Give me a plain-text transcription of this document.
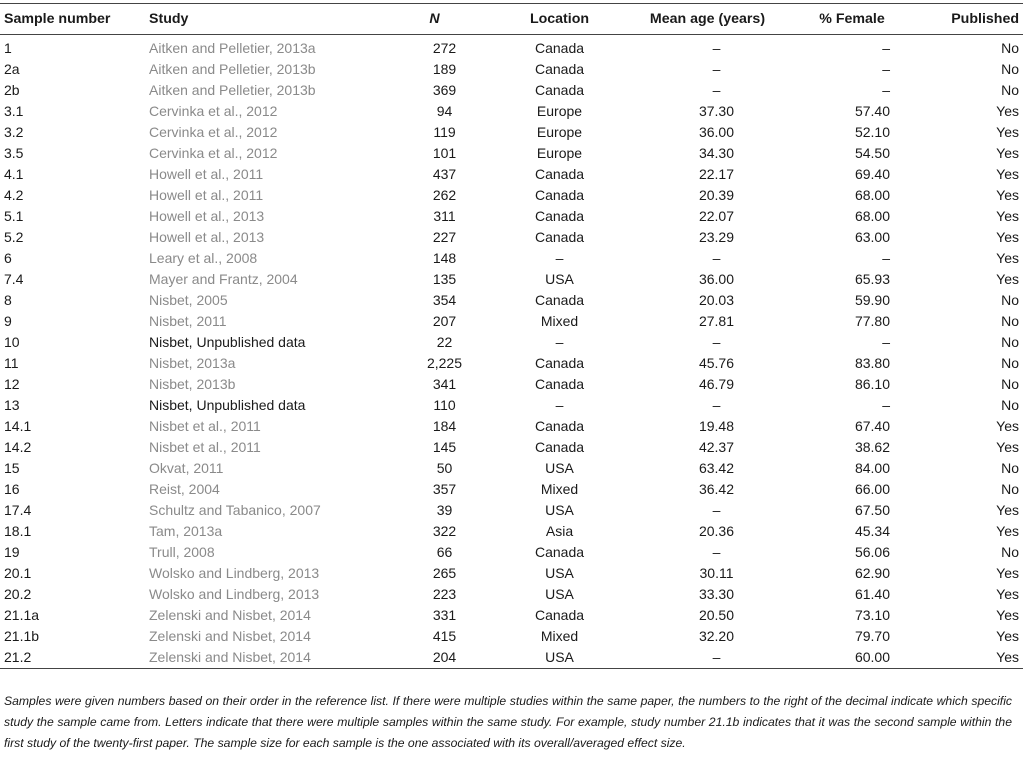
Sample number	Study	N	Location	Mean age (years)	% Female	Published
1	Aitken and Pelletier, 2013a	272	Canada	–	–	No
2a	Aitken and Pelletier, 2013b	189	Canada	–	–	No
2b	Aitken and Pelletier, 2013b	369	Canada	–	–	No
3.1	Cervinka et al., 2012	94	Europe	37.30	57.40	Yes
3.2	Cervinka et al., 2012	119	Europe	36.00	52.10	Yes
3.5	Cervinka et al., 2012	101	Europe	34.30	54.50	Yes
4.1	Howell et al., 2011	437	Canada	22.17	69.40	Yes
4.2	Howell et al., 2011	262	Canada	20.39	68.00	Yes
5.1	Howell et al., 2013	311	Canada	22.07	68.00	Yes
5.2	Howell et al., 2013	227	Canada	23.29	63.00	Yes
6	Leary et al., 2008	148	–	–	–	Yes
7.4	Mayer and Frantz, 2004	135	USA	36.00	65.93	Yes
8	Nisbet, 2005	354	Canada	20.03	59.90	No
9	Nisbet, 2011	207	Mixed	27.81	77.80	No
10	Nisbet, Unpublished data	22	–	–	–	No
11	Nisbet, 2013a	2,225	Canada	45.76	83.80	No
12	Nisbet, 2013b	341	Canada	46.79	86.10	No
13	Nisbet, Unpublished data	110	–	–	–	No
14.1	Nisbet et al., 2011	184	Canada	19.48	67.40	Yes
14.2	Nisbet et al., 2011	145	Canada	42.37	38.62	Yes
15	Okvat, 2011	50	USA	63.42	84.00	No
16	Reist, 2004	357	Mixed	36.42	66.00	No
17.4	Schultz and Tabanico, 2007	39	USA	–	67.50	Yes
18.1	Tam, 2013a	322	Asia	20.36	45.34	Yes
19	Trull, 2008	66	Canada	–	56.06	No
20.1	Wolsko and Lindberg, 2013	265	USA	30.11	62.90	Yes
20.2	Wolsko and Lindberg, 2013	223	USA	33.30	61.40	Yes
21.1a	Zelenski and Nisbet, 2014	331	Canada	20.50	73.10	Yes
21.1b	Zelenski and Nisbet, 2014	415	Mixed	32.20	79.70	Yes
21.2	Zelenski and Nisbet, 2014	204	USA	–	60.00	Yes
Samples were given numbers based on their order in the reference list. If there were multiple studies within the same paper, the numbers to the right of the decimal indicate which specific study the sample came from. Letters indicate that there were multiple samples within the same study. For example, study number 21.1b indicates that it was the second sample within the first study of the twenty-first paper. The sample size for each sample is the one associated with its overall/averaged effect size.
